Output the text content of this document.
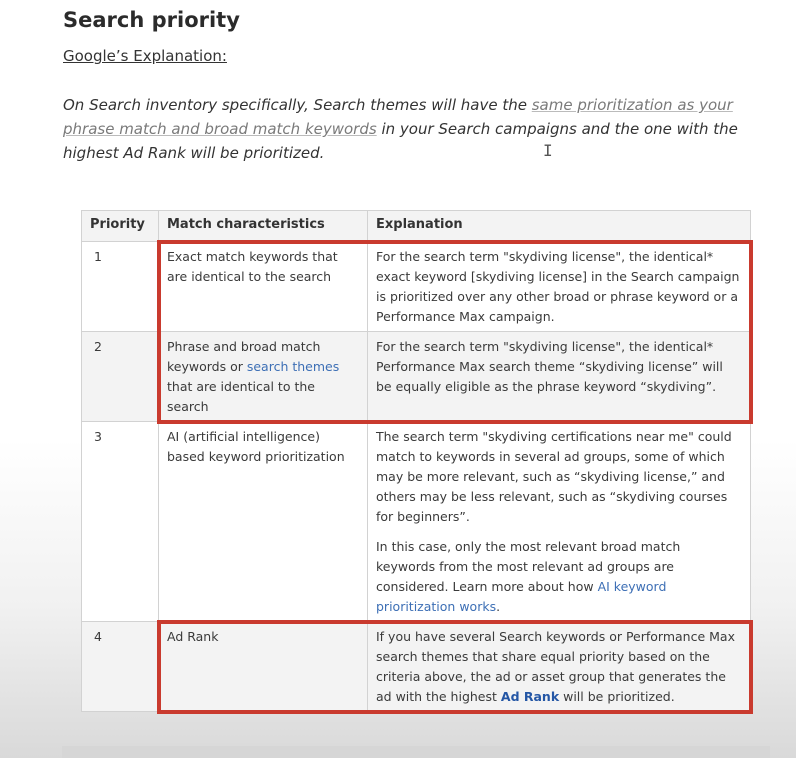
Search priority
Google’s Explanation:
On Search inventory specifically, Search themes will have the same prioritization as your phrase match and broad match keywords in your Search campaigns and the one with the highest Ad Rank will be prioritized.	I
Priority	Match characteristics	Explanation
1	Exact match keywords that are identical to the search	For the search term "skydiving license", the identical* exact keyword [skydiving license] in the Search campaign is prioritized over any other broad or phrase keyword or a Performance Max campaign.
2	Phrase and broad match keywords or search themes that are identical to the search	For the search term "skydiving license", the identical* Performance Max search theme “skydiving license” will be equally eligible as the phrase keyword “skydiving”.
3	AI (artificial intelligence) based keyword prioritization	The search term "skydiving certifications near me" could match to keywords in several ad groups, some of which may be more relevant, such as “skydiving license,” and others may be less relevant, such as “skydiving courses for beginners”.
In this case, only the most relevant broad match keywords from the most relevant ad groups are considered. Learn more about how AI keyword prioritization works.

4	Ad Rank	If you have several Search keywords or Performance Max search themes that share equal priority based on the criteria above, the ad or asset group that generates the ad with the highest Ad Rank will be prioritized.
